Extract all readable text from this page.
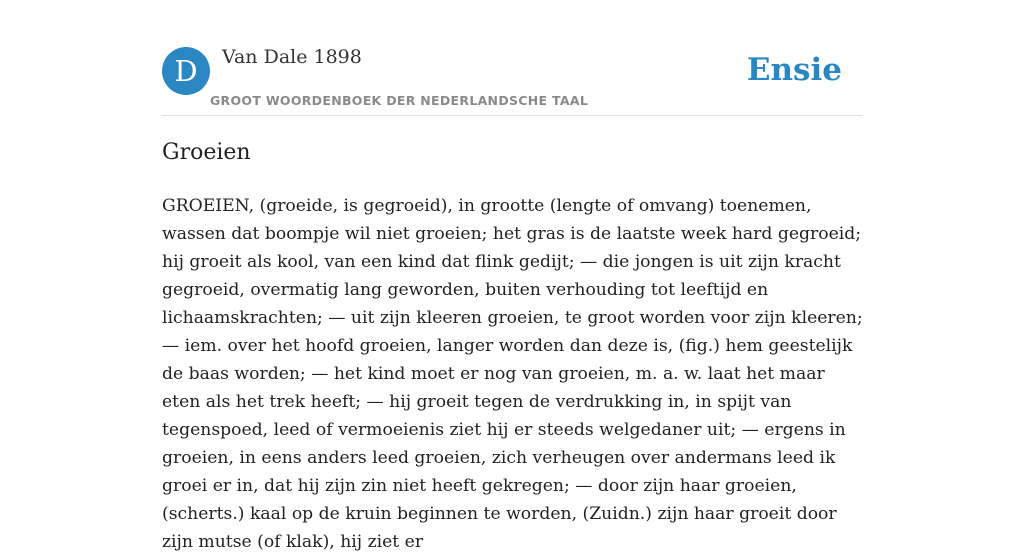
D	Van Dale 1898
GROOT WOORDENBOEK DER NEDERLANDSCHE TAAL
Ensie
Groeien

GROEIEN, (groeide, is gegroeid), in grootte (lengte of omvang) toenemen, wassen dat boompje wil niet groeien; het gras is de laatste week hard gegroeid; hij groeit als kool, van een kind dat flink gedijt; — die jongen is uit zijn kracht gegroeid, overmatig lang geworden, buiten verhouding tot leeftijd en lichaamskrachten; — uit zijn kleeren groeien, te groot worden voor zijn kleeren; — iem. over het hoofd groeien, langer worden dan deze is, (fig.) hem geestelijk de baas worden; — het kind moet er nog van groeien, m. a. w. laat het maar eten als het trek heeft; — hij groeit tegen de verdrukking in, in spijt van tegenspoed, leed of vermoeienis ziet hij er steeds welgedaner uit; — ergens in groeien, in eens anders leed groeien, zich verheugen over andermans leed ik groei er in, dat hij zijn zin niet heeft gekregen; — door zijn haar groeien, (scherts.) kaal op de kruin beginnen te worden, (Zuidn.) zijn haar groeit door zijn mutse (of klak), hij ziet er
